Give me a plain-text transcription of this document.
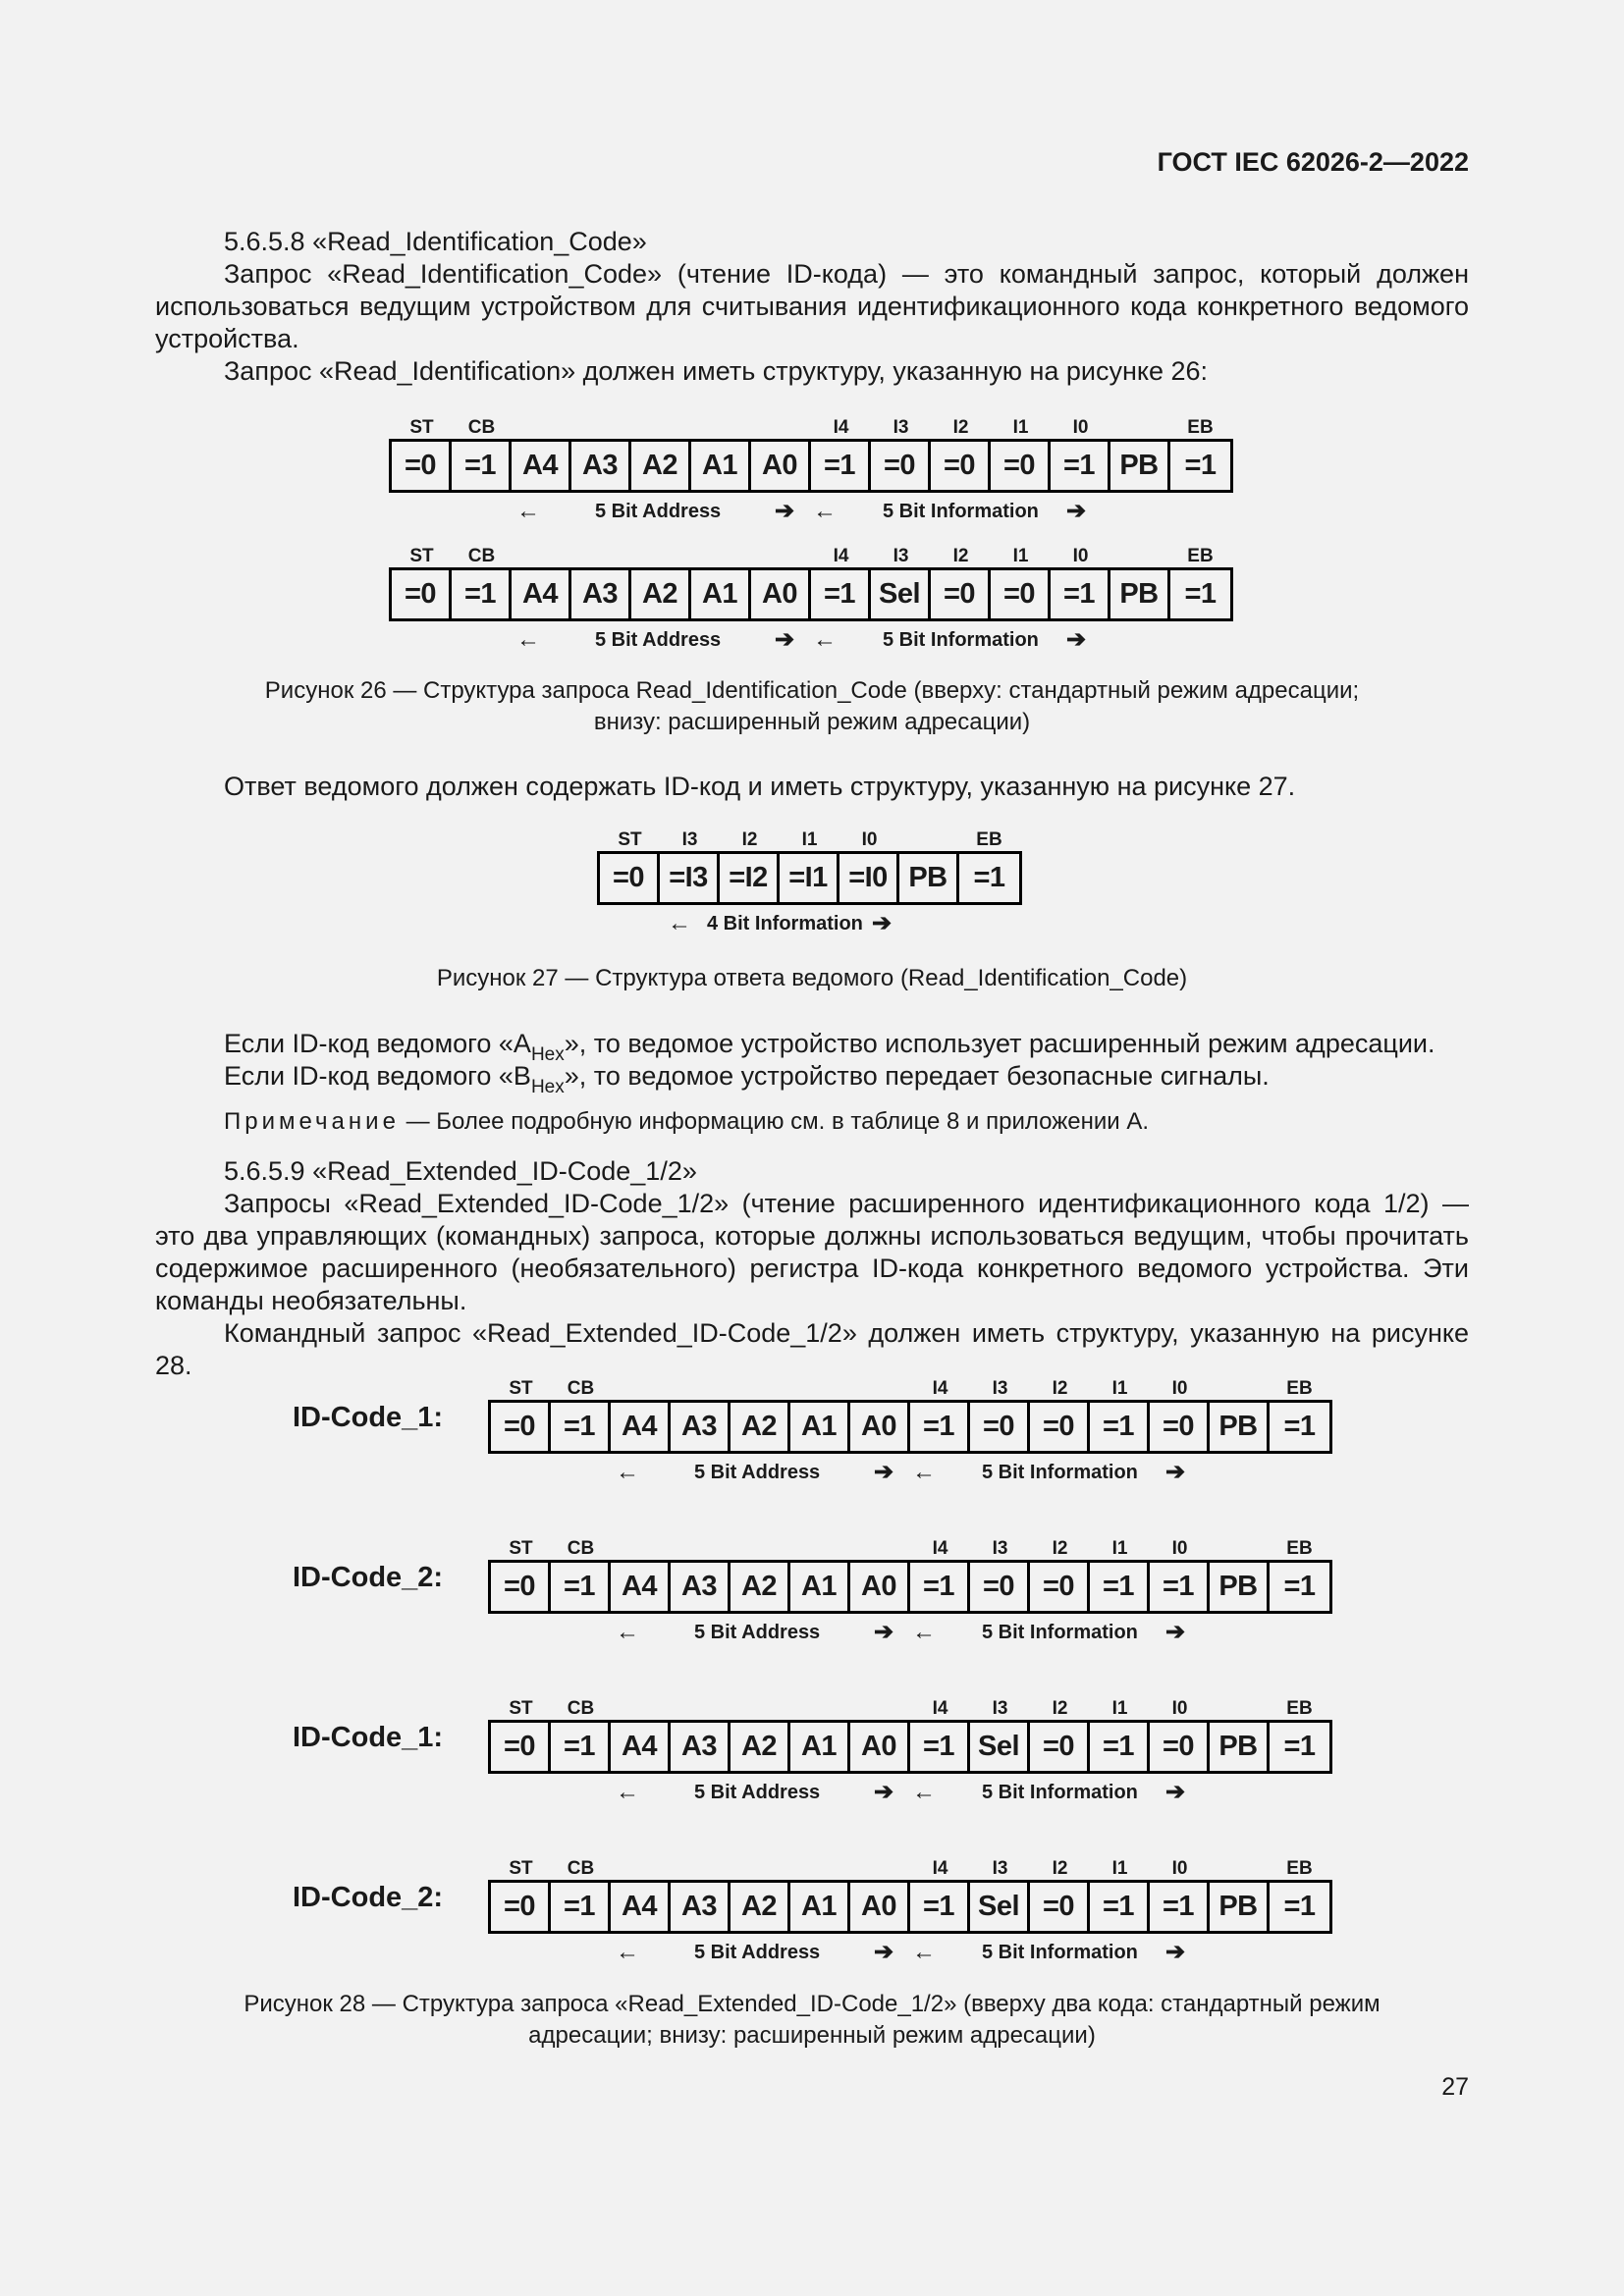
ГОСТ IEC 62026-2—2022
5.6.5.8 «Read_Identification_Code»
Запрос «Read_Identification_Code» (чтение ID-кода) — это командный запрос, который должен использоваться ведущим устройством для считывания идентификационного кода конкретного ведомого устройства.
Запрос «Read_Identification» должен иметь структуру, указанную на рисунке 26:
ST	CB	I4	I3	I2	I1	I0	EB
=0 =1 A4 A3 A2 A1 A0 =1 =0 =0 =0 =1 PB =1
←	5 Bit Address ➔ ← 5 Bit Information ➔
ST	CB	I4	I3	I2	I1	I0	EB
=0 =1 A4 A3 A2 A1 A0 =1 Sel =0 =0 =1 PB =1
←	5 Bit Address ➔ ← 5 Bit Information ➔
Рисунок 26 — Структура запроса Read_Identification_Code (вверху: стандартный режим адресации;
внизу: расширенный режим адресации)
Ответ ведомого должен содержать ID-код и иметь структуру, указанную на рисунке 27.
ST	I3	I2	I1	I0	EB
=0 =I3 =I2 =I1 =I0 PB =1
← 4 Bit Information ➔
Рисунок 27 — Структура ответа ведомого (Read_Identification_Code)
Если ID-код ведомого «$A_{Hex}$», то ведомое устройство использует расширенный режим адресации.
Если ID-код ведомого «$B_{Hex}$», то ведомое устройство передает безопасные сигналы.
Примечание — Более подробную информацию см. в таблице 8 и приложении А.
5.6.5.9 «Read_Extended_ID-Code_1/2»
Запросы «Read_Extended_ID-Code_1/2» (чтение расширенного идентификационного кода 1/2) — это два управляющих (командных) запроса, которые должны использоваться ведущим, чтобы прочитать содержимое расширенного (необязательного) регистра ID-кода конкретного ведомого устройства. Эти команды необязательны.
Командный запрос «Read_Extended_ID-Code_1/2» должен иметь структуру, указанную на рисунке 28.
ID-Code_1:
ST	CB	I4	I3	I2	I1	I0	EB
=0 =1 A4 A3 A2 A1 A0 =1 =0 =0 =1 =0 PB =1
←	5 Bit Address ➔ ← 5 Bit Information ➔
ID-Code_2:
ST	CB	I4	I3	I2	I1	I0	EB
=0 =1 A4 A3 A2 A1 A0 =1 =0 =0 =1 =1 PB =1
←	5 Bit Address ➔ ← 5 Bit Information ➔
ID-Code_1:
ST	CB	I4	I3	I2	I1	I0	EB
=0 =1 A4 A3 A2 A1 A0 =1 Sel =0 =1 =0 PB =1
←	5 Bit Address ➔ ← 5 Bit Information ➔
ID-Code_2:
ST	CB	I4	I3	I2	I1	I0	EB
=0 =1 A4 A3 A2 A1 A0 =1 Sel =0 =1 =1 PB =1
←	5 Bit Address ➔ ← 5 Bit Information ➔
Рисунок 28 — Структура запроса «Read_Extended_ID-Code_1/2» (вверху два кода: стандартный режим
адресации; внизу: расширенный режим адресации)
27
